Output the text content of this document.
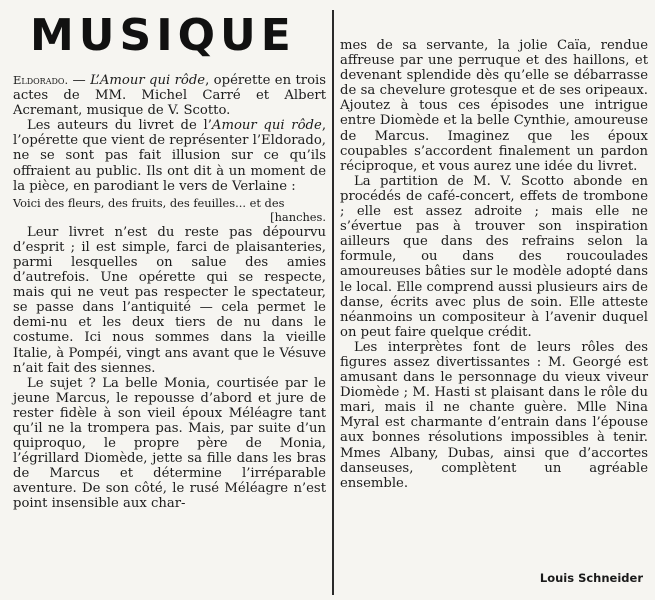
MUSIQUE

Eldorado. — L’Amour qui rôde, opérette en trois actes de MM. Michel Carré et Albert Acremant, musique de V. Scotto.

Les auteurs du livret de l’Amour qui rôde, l’opérette que vient de représenter l’Eldorado, ne se sont pas fait illusion sur ce qu’ils offraient au public. Ils ont dit à un moment de la pièce, en parodiant le vers de Verlaine :

Voici des fleurs, des fruits, des feuilles... et des
[hanches.

Leur livret n’est du reste pas dépourvu d’esprit ; il est simple, farci de plaisanteries, parmi lesquelles on salue des amies d’autrefois. Une opérette qui se respecte, mais qui ne veut pas respecter le spectateur, se passe dans l’antiquité — cela permet le demi-nu et les deux tiers de nu dans le costume. Ici nous sommes dans la vieille Italie, à Pompéi, vingt ans avant que le Vésuve n’ait fait des siennes.

Le sujet ? La belle Monia, courtisée par le jeune Marcus, le repousse d’abord et jure de rester fidèle à son vieil époux Méléagre tant qu’il ne la trompera pas. Mais, par suite d’un quiproquo, le propre père de Monia, l’égrillard Diomède, jette sa fille dans les bras de Marcus et détermine l’irréparable aventure. De son côté, le rusé Méléagre n’est point insensible aux char-

mes de sa servante, la jolie Caïa, rendue affreuse par une perruque et des haillons, et devenant splendide dès qu’elle se débarrasse de sa chevelure grotesque et de ses oripeaux. Ajoutez à tous ces épisodes une intrigue entre Diomède et la belle Cynthie, amoureuse de Marcus. Imaginez que les époux coupables s’accordent finalement un pardon réciproque, et vous aurez une idée du livret.

La partition de M. V. Scotto abonde en procédés de café-concert, effets de trombone ; elle est assez adroite ; mais elle ne s’évertue pas à trouver son inspiration ailleurs que dans des refrains selon la formule, ou dans des roucoulades amoureuses bâties sur le modèle adopté dans le local. Elle comprend aussi plusieurs airs de danse, écrits avec plus de soin. Elle atteste néanmoins un compositeur à l’avenir duquel on peut faire quelque crédit.

Les interprètes font de leurs rôles des figures assez divertissantes : M. Georgé est amusant dans le personnage du vieux viveur Diomède ; M. Hasti st plaisant dans le rôle du mari, mais il ne chante guère. Mlle Nina Myral est charmante d’entrain dans l’épouse aux bonnes résolutions impossibles à tenir. Mmes Albany, Dubas, ainsi que d’accortes danseuses, complètent un agréable ensemble.

Louis Schneider
